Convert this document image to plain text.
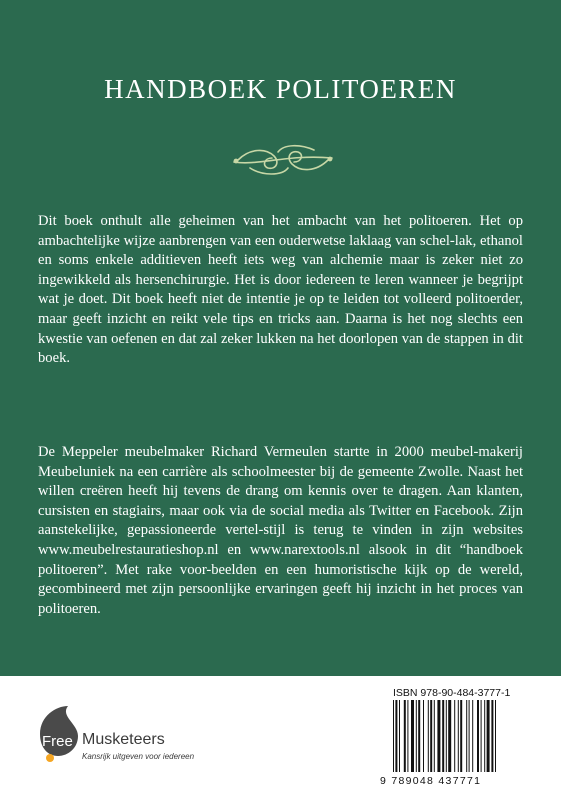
HANDBOEK POLITOEREN

Dit boek onthult alle geheimen van het ambacht van het politoeren. Het op ambachtelijke wijze aanbrengen van een ouderwetse laklaag van schel-lak, ethanol en soms enkele additieven heeft iets weg van alchemie maar is zeker niet zo ingewikkeld als hersenchirurgie. Het is door iedereen te leren wanneer je begrijpt wat je doet. Dit boek heeft niet de intentie je op te leiden tot volleerd politoerder, maar geeft inzicht en reikt vele tips en tricks aan. Daarna is het nog slechts een kwestie van oefenen en dat zal zeker lukken na het doorlopen van de stappen in dit boek.

De Meppeler meubelmaker Richard Vermeulen startte in 2000 meubel-makerij Meubeluniek na een carrière als schoolmeester bij de gemeente Zwolle. Naast het willen creëren heeft hij tevens de drang om kennis over te dragen. Aan klanten, cursisten en stagiairs, maar ook via de social media als Twitter en Facebook. Zijn aanstekelijke, gepassioneerde vertel-stijl is terug te vinden in zijn websites www.meubelrestauratieshop.nl en www.narextools.nl alsook in dit “handboek politoeren”. Met rake voor-beelden en een humoristische kijk op de wereld, gecombineerd met zijn persoonlijke ervaringen geeft hij inzicht in het proces van politoeren.

Free Musketeers
Kansrijk uitgeven voor iedereen
ISBN 978-90-484-3777-1
9 789048 437771
